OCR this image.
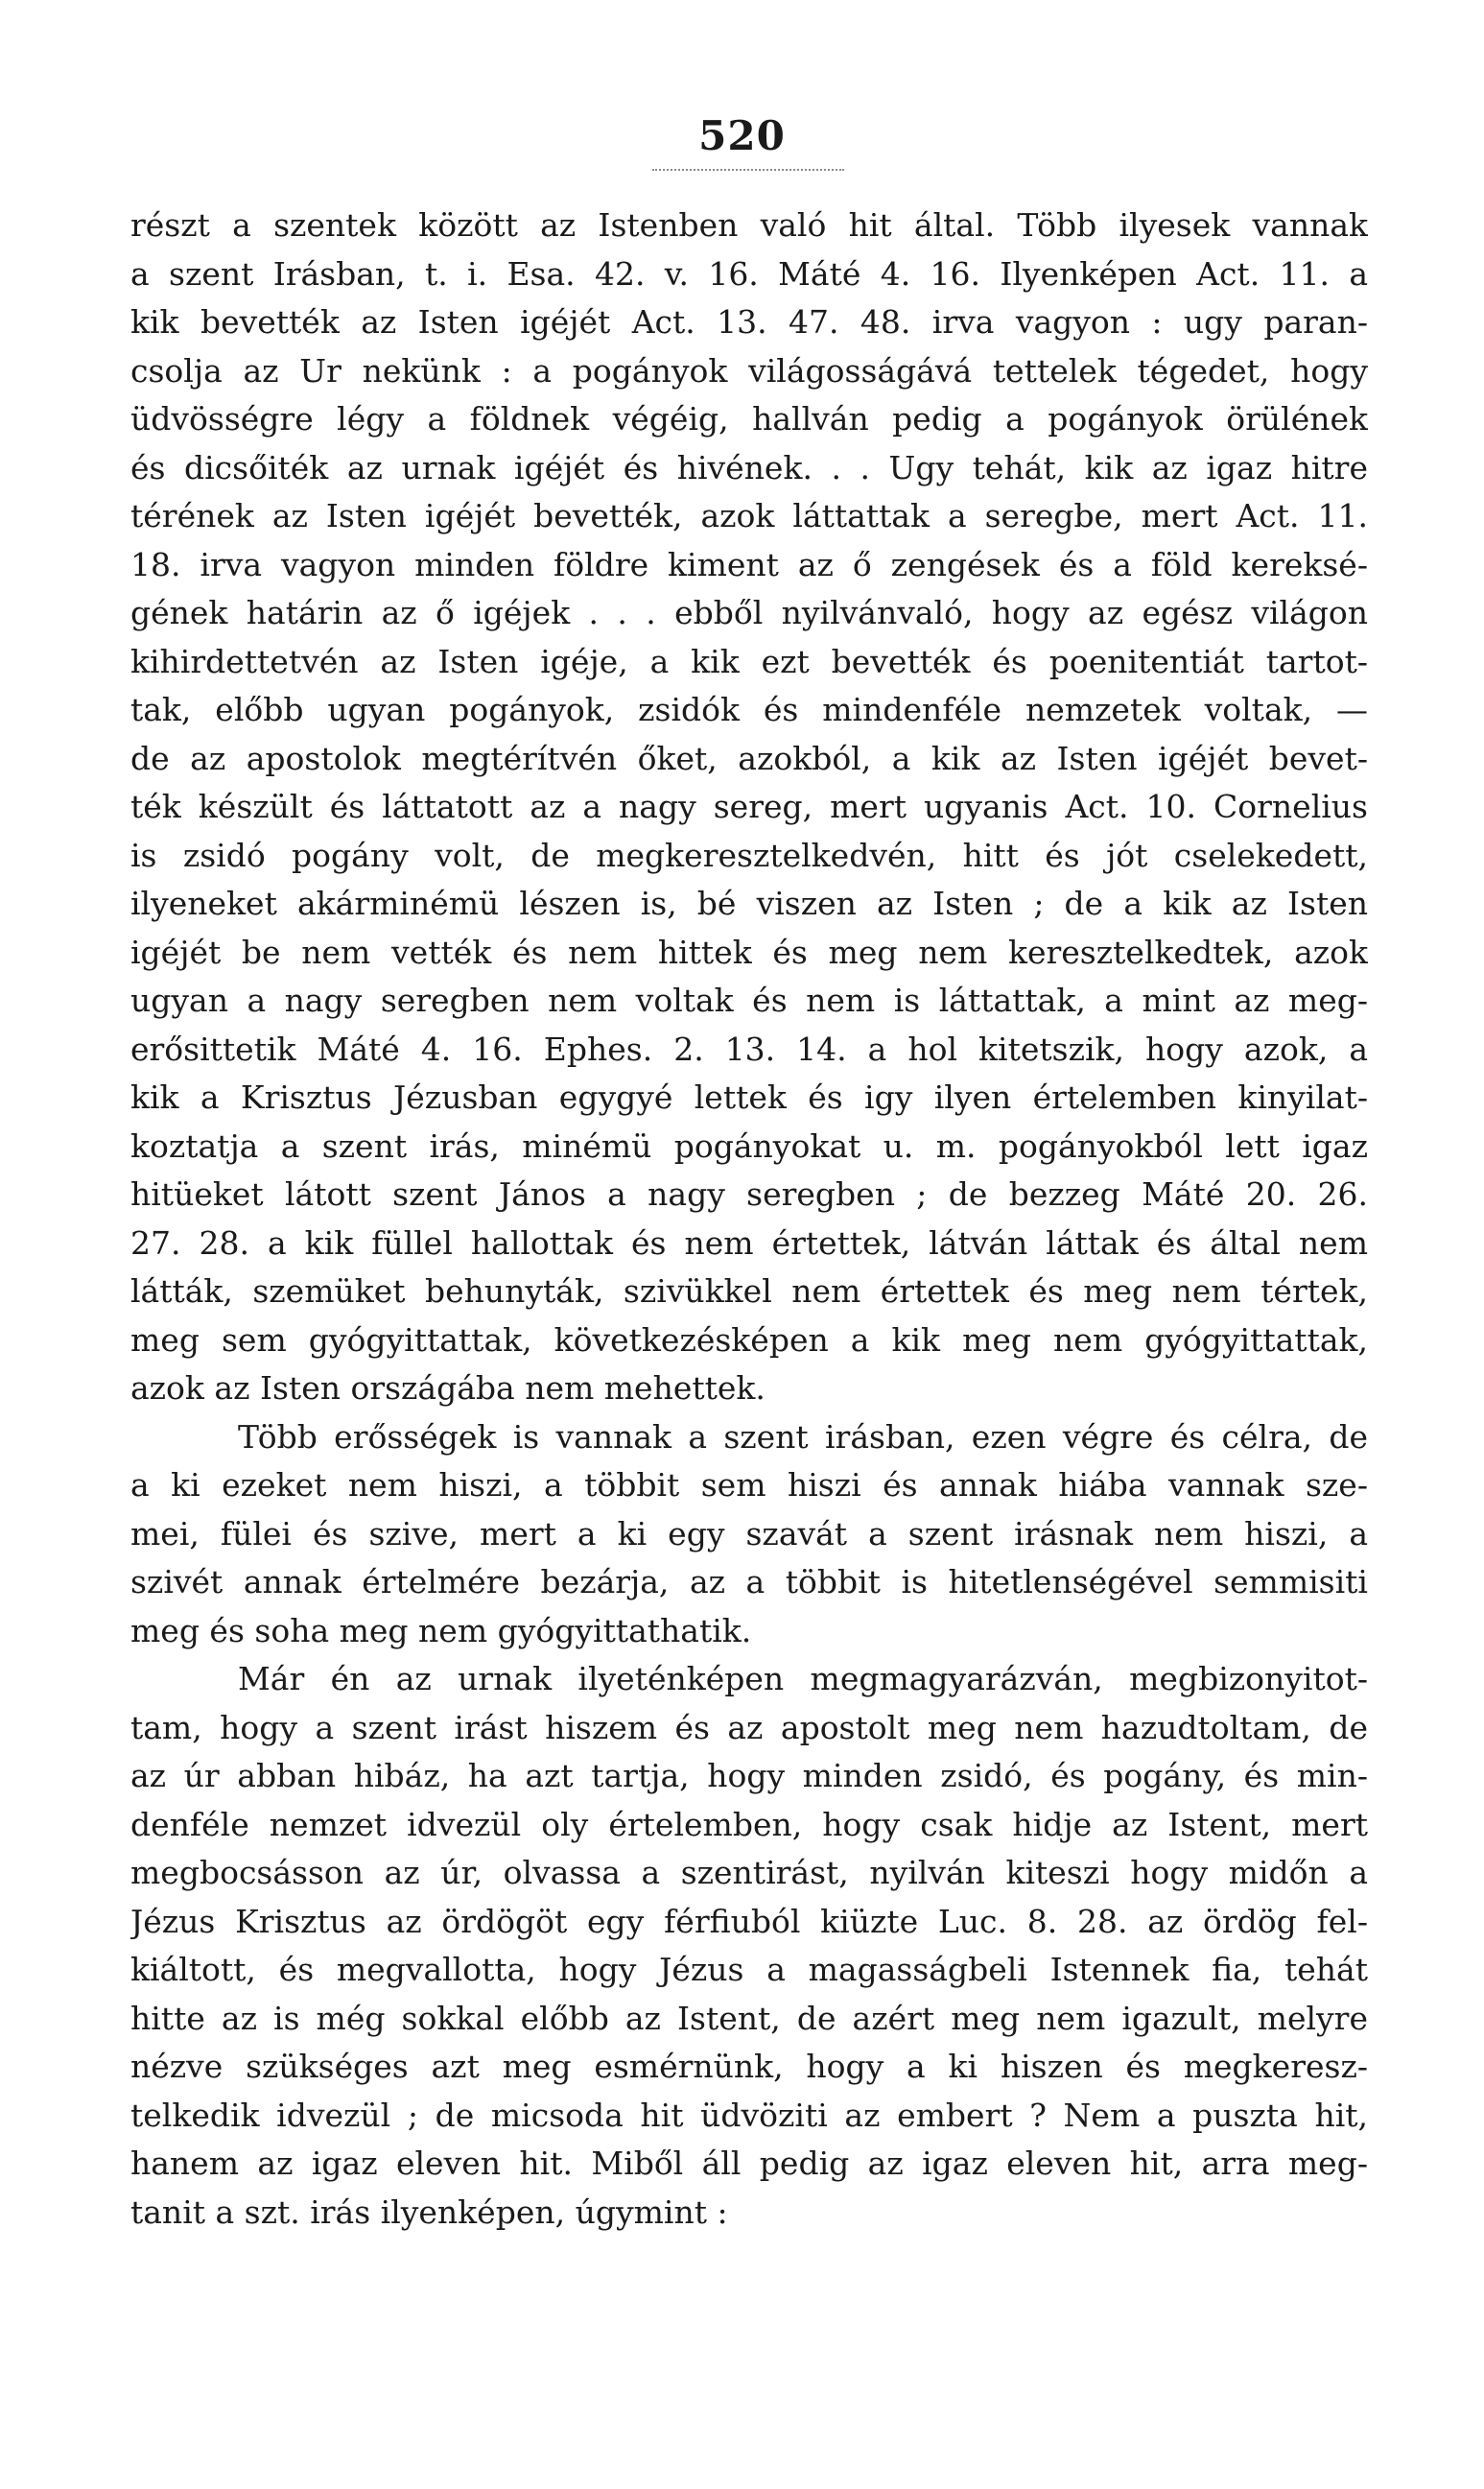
520
részt a szentek között az Istenben való hit által. Több ilyesek vannak
a szent Irásban, t. i. Esa. 42. v. 16. Máté 4. 16. Ilyenképen Act. 11. a
kik bevették az Isten igéjét Act. 13. 47. 48. irva vagyon : ugy paran-
csolja az Ur nekünk : a pogányok világosságává tettelek tégedet, hogy
üdvösségre légy a földnek végéig, hallván pedig a pogányok örülének
és dicsőiték az urnak igéjét és hivének. . . Ugy tehát, kik az igaz hitre
térének az Isten igéjét bevették, azok láttattak a seregbe, mert Act. 11.
18. irva vagyon minden földre kiment az ő zengések és a föld kereksé-
gének határin az ő igéjek . . . ebből nyilvánvaló, hogy az egész világon
kihirdettetvén az Isten igéje, a kik ezt bevették és poenitentiát tartot-
tak, előbb ugyan pogányok, zsidók és mindenféle nemzetek voltak, —
de az apostolok megtérítvén őket, azokból, a kik az Isten igéjét bevet-
ték készült és láttatott az a nagy sereg, mert ugyanis Act. 10. Cornelius
is zsidó pogány volt, de megkeresztelkedvén, hitt és jót cselekedett,
ilyeneket akárminémü lészen is, bé viszen az Isten ; de a kik az Isten
igéjét be nem vették és nem hittek és meg nem keresztelkedtek, azok
ugyan a nagy seregben nem voltak és nem is láttattak, a mint az meg-
erősittetik Máté 4. 16. Ephes. 2. 13. 14. a hol kitetszik, hogy azok, a
kik a Krisztus Jézusban egygyé lettek és igy ilyen értelemben kinyilat-
koztatja a szent irás, minémü pogányokat u. m. pogányokból lett igaz
hitüeket látott szent János a nagy seregben ; de bezzeg Máté 20. 26.
27. 28. a kik füllel hallottak és nem értettek, látván láttak és által nem
látták, szemüket behunyták, szivükkel nem értettek és meg nem tértek,
meg sem gyógyittattak, következésképen a kik meg nem gyógyittattak,
azok az Isten országába nem mehettek.
Több erősségek is vannak a szent irásban, ezen végre és célra, de
a ki ezeket nem hiszi, a többit sem hiszi és annak hiába vannak sze-
mei, fülei és szive, mert a ki egy szavát a szent irásnak nem hiszi, a
szivét annak értelmére bezárja, az a többit is hitetlenségével semmisiti
meg és soha meg nem gyógyittathatik.
Már én az urnak ilyeténképen megmagyarázván, megbizonyitot-
tam, hogy a szent irást hiszem és az apostolt meg nem hazudtoltam, de
az úr abban hibáz, ha azt tartja, hogy minden zsidó, és pogány, és min-
denféle nemzet idvezül oly értelemben, hogy csak hidje az Istent, mert
megbocsásson az úr, olvassa a szentirást, nyilván kiteszi hogy midőn a
Jézus Krisztus az ördögöt egy férfiuból kiüzte Luc. 8. 28. az ördög fel-
kiáltott, és megvallotta, hogy Jézus a magasságbeli Istennek fia, tehát
hitte az is még sokkal előbb az Istent, de azért meg nem igazult, melyre
nézve szükséges azt meg esmérnünk, hogy a ki hiszen és megkeresz-
telkedik idvezül ; de micsoda hit üdvöziti az embert ? Nem a puszta hit,
hanem az igaz eleven hit. Miből áll pedig az igaz eleven hit, arra meg-
tanit a szt. irás ilyenképen, úgymint :
